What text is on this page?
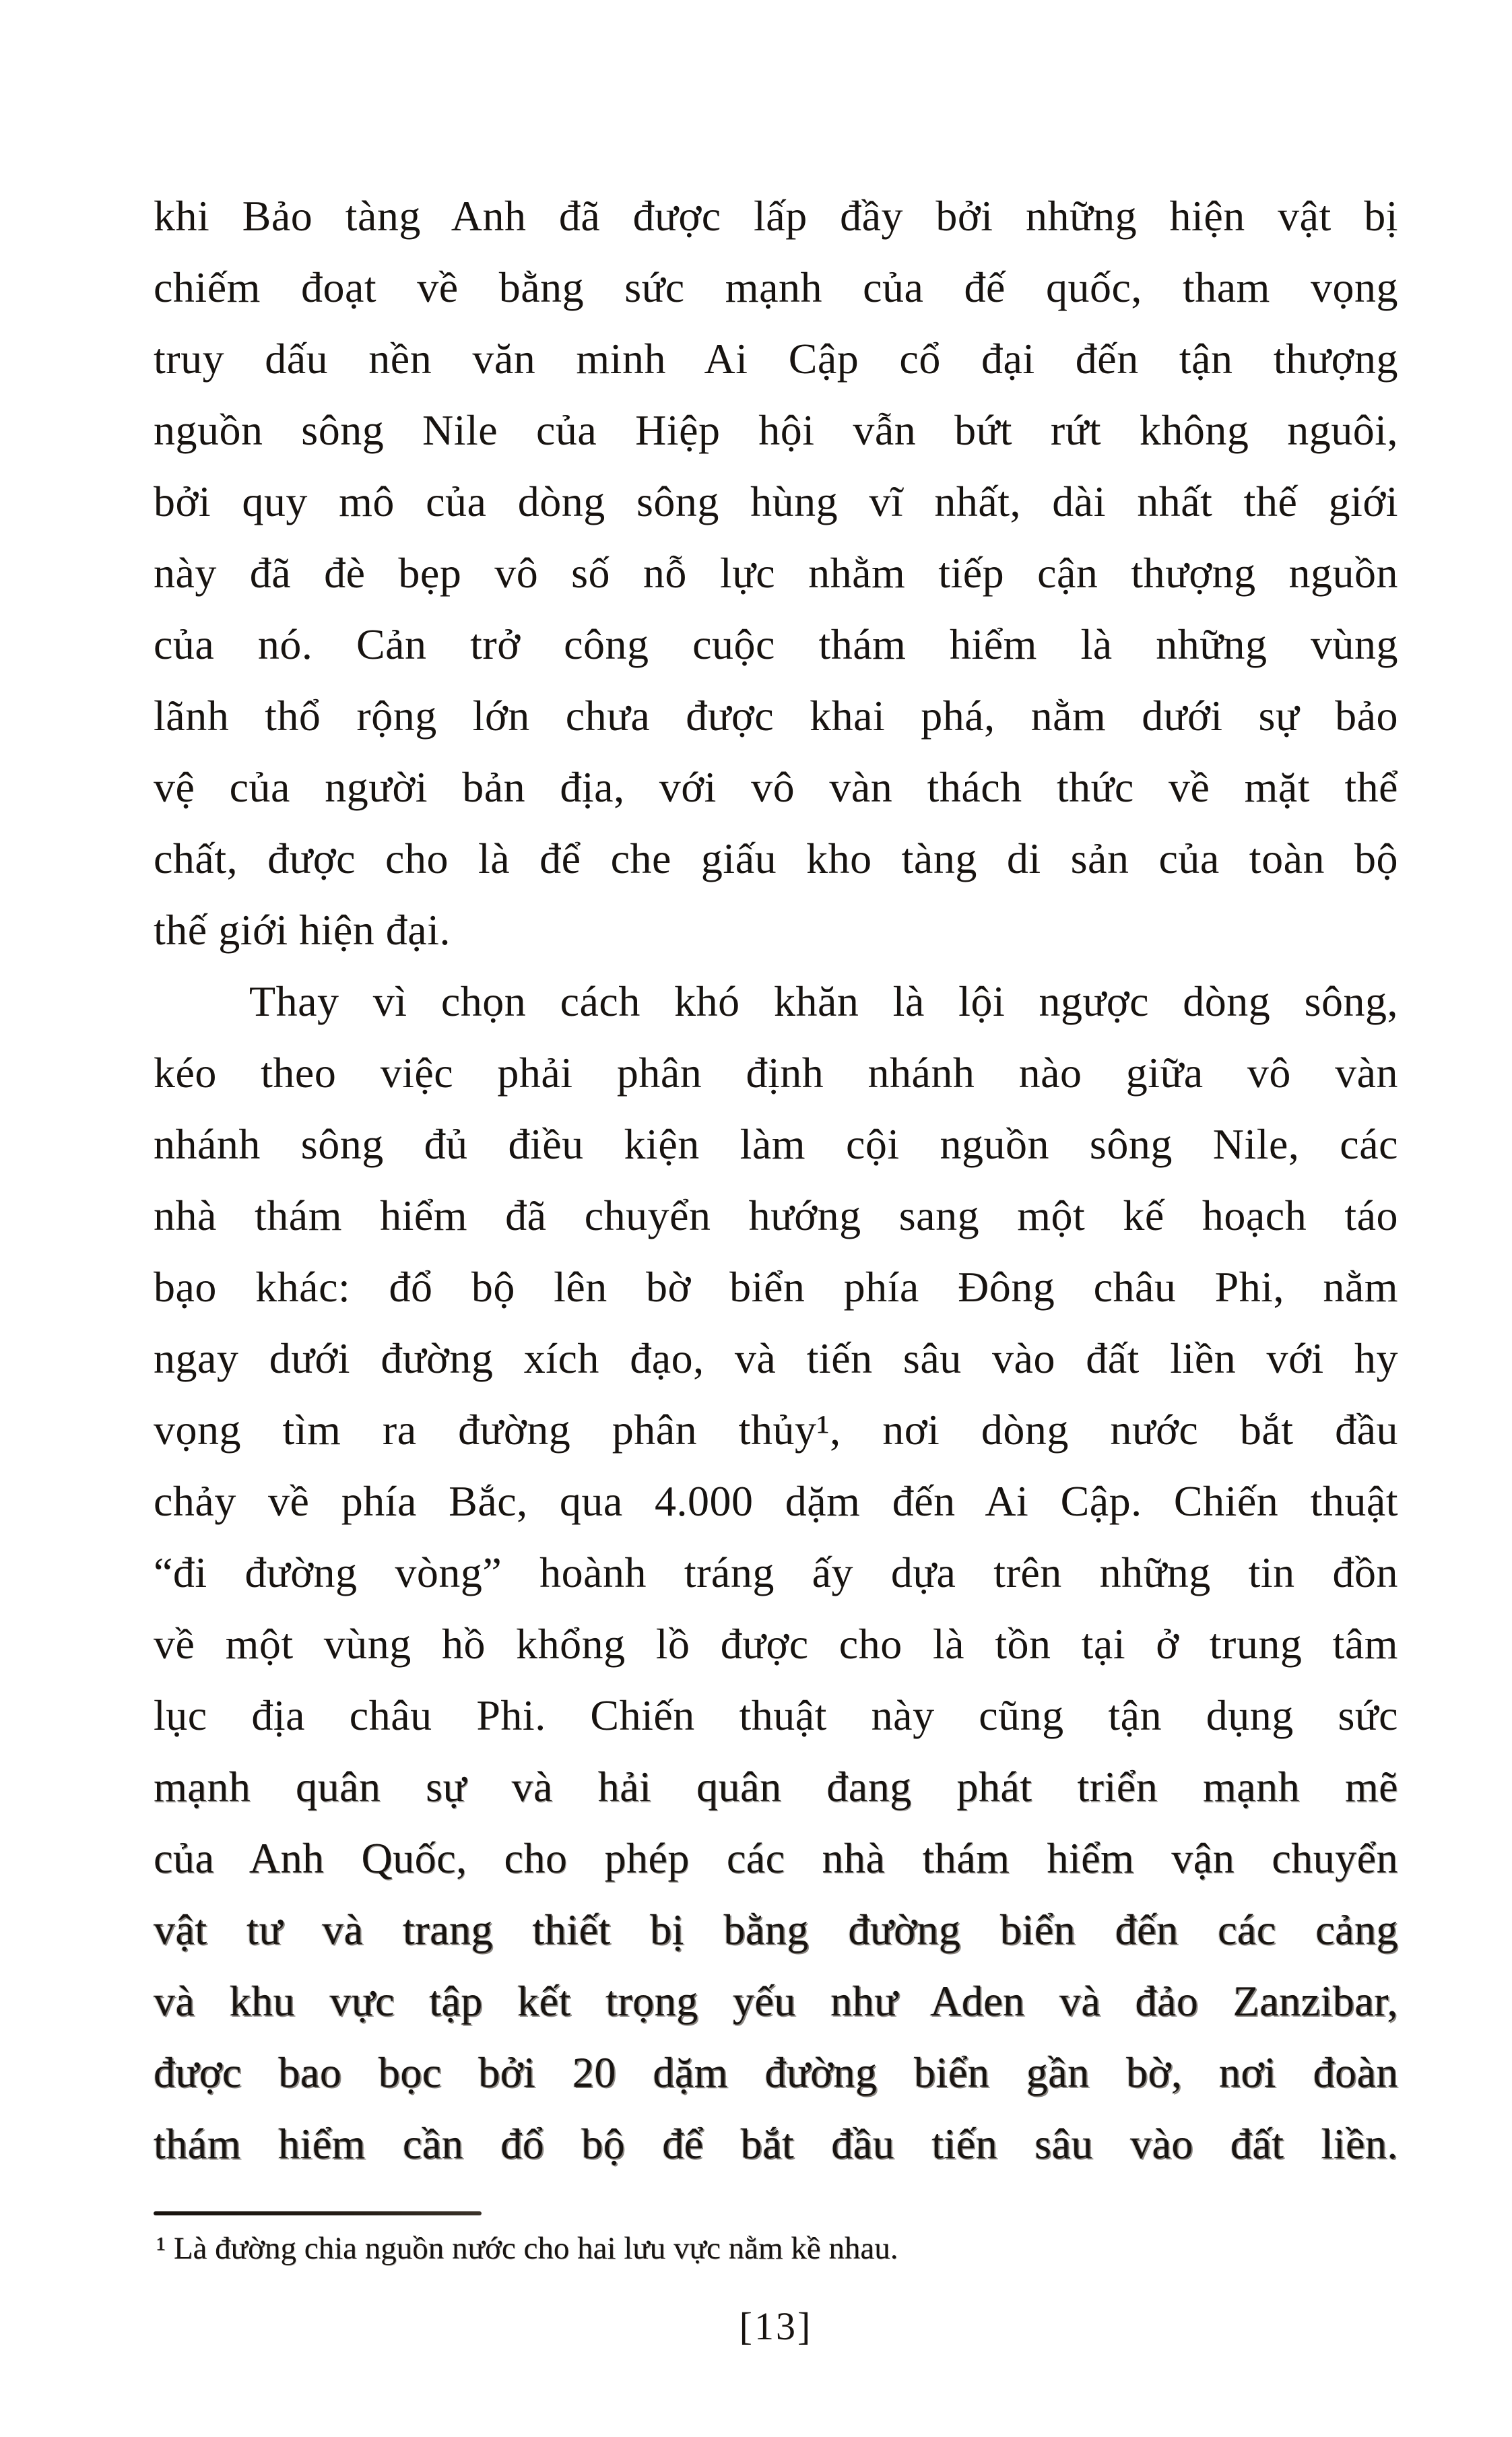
khi Bảo tàng Anh đã được lấp đầy bởi những hiện vật bị
chiếm đoạt về bằng sức mạnh của đế quốc, tham vọng
truy dấu nền văn minh Ai Cập cổ đại đến tận thượng
nguồn sông Nile của Hiệp hội vẫn bứt rứt không nguôi,
bởi quy mô của dòng sông hùng vĩ nhất, dài nhất thế giới
này đã đè bẹp vô số nỗ lực nhằm tiếp cận thượng nguồn
của nó. Cản trở công cuộc thám hiểm là những vùng
lãnh thổ rộng lớn chưa được khai phá, nằm dưới sự bảo
vệ của người bản địa, với vô vàn thách thức về mặt thể
chất, được cho là để che giấu kho tàng di sản của toàn bộ
thế giới hiện đại.
Thay vì chọn cách khó khăn là lội ngược dòng sông,
kéo theo việc phải phân định nhánh nào giữa vô vàn
nhánh sông đủ điều kiện làm cội nguồn sông Nile, các
nhà thám hiểm đã chuyển hướng sang một kế hoạch táo
bạo khác: đổ bộ lên bờ biển phía Đông châu Phi, nằm
ngay dưới đường xích đạo, và tiến sâu vào đất liền với hy
vọng tìm ra đường phân thủy¹, nơi dòng nước bắt đầu
chảy về phía Bắc, qua 4.000 dặm đến Ai Cập. Chiến thuật
“đi đường vòng” hoành tráng ấy dựa trên những tin đồn
về một vùng hồ khổng lồ được cho là tồn tại ở trung tâm
lục địa châu Phi. Chiến thuật này cũng tận dụng sức
mạnh quân sự và hải quân đang phát triển mạnh mẽ
của Anh Quốc, cho phép các nhà thám hiểm vận chuyển
vật tư và trang thiết bị bằng đường biển đến các cảng
và khu vực tập kết trọng yếu như Aden và đảo Zanzibar,
được bao bọc bởi 20 dặm đường biển gần bờ, nơi đoàn
thám hiểm cần đổ bộ để bắt đầu tiến sâu vào đất liền.
¹ Là đường chia nguồn nước cho hai lưu vực nằm kề nhau.
[13]
